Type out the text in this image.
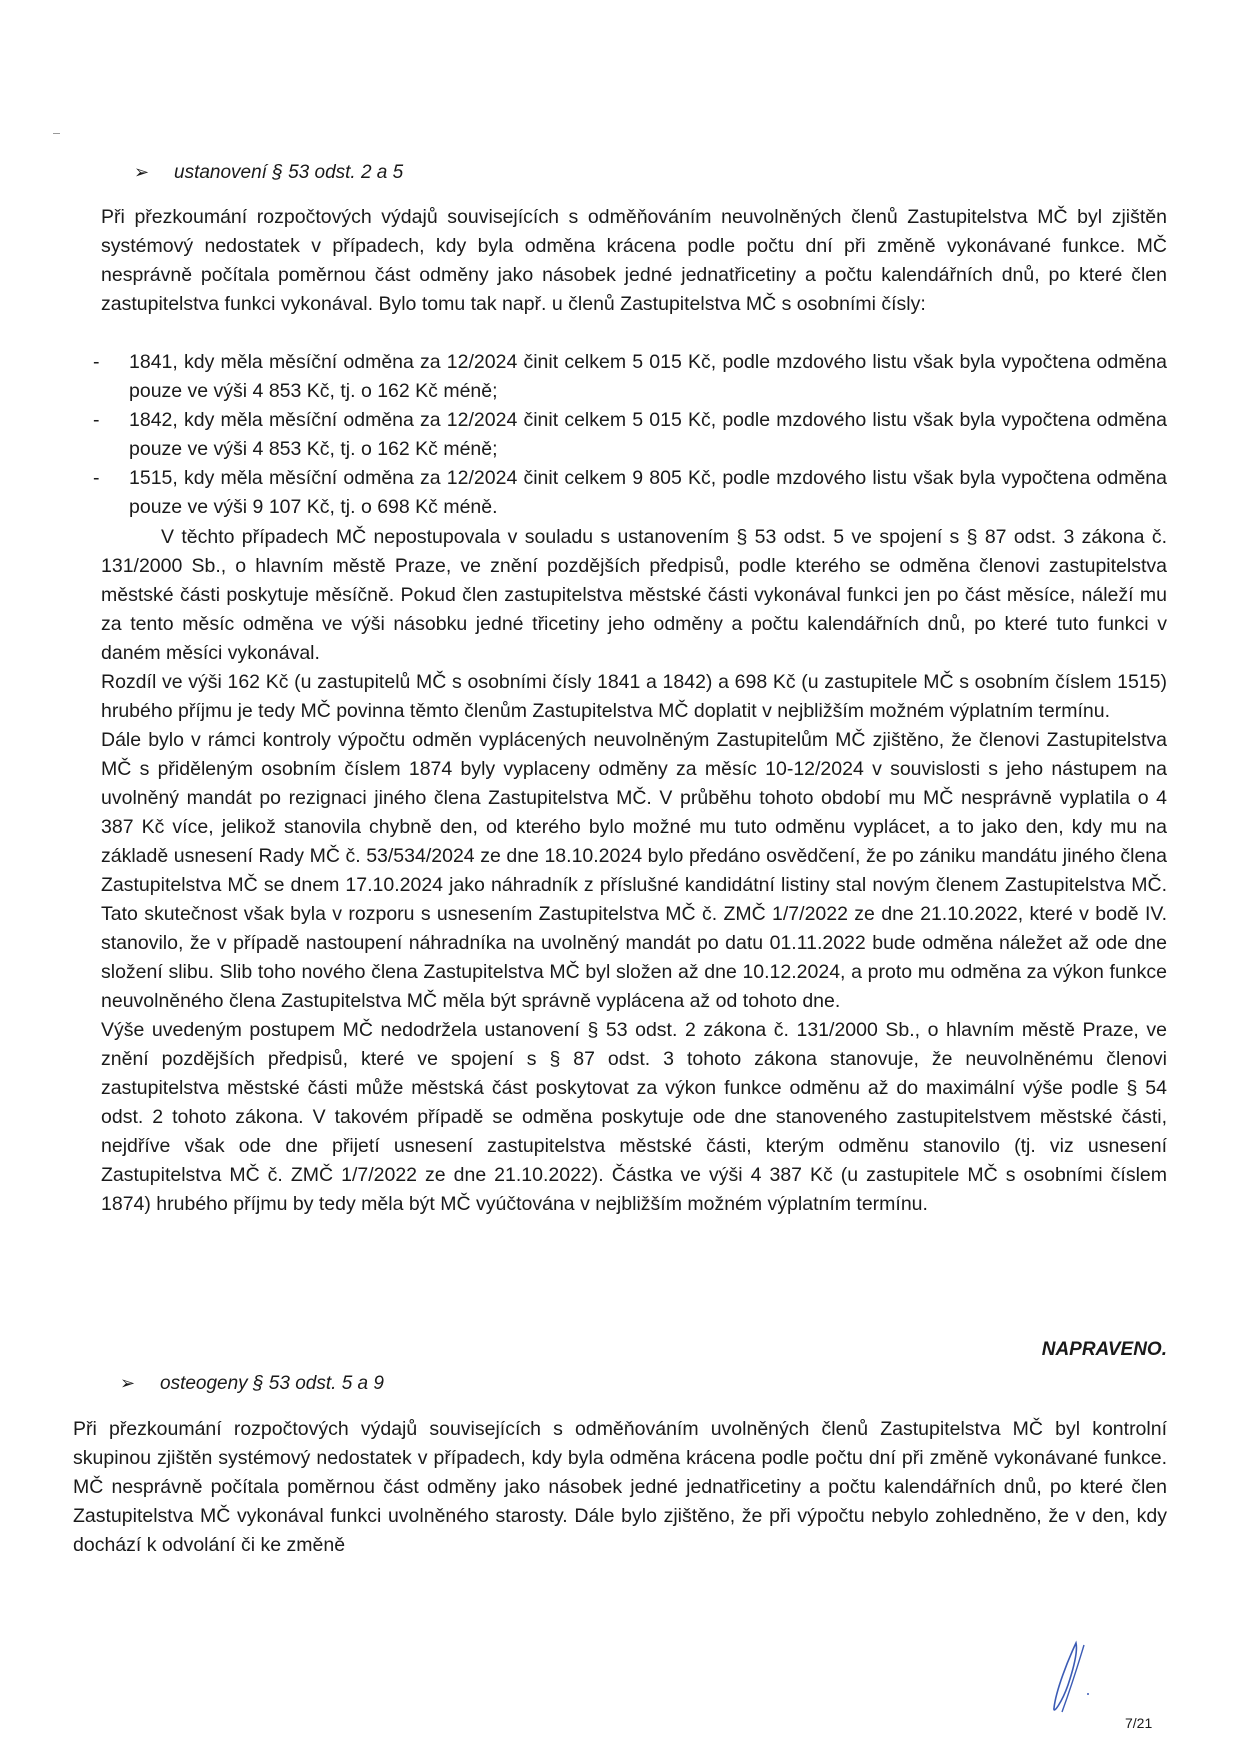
➢ ustanovení § 53 odst. 2 a 5

Při přezkoumání rozpočtových výdajů souvisejících s odměňováním neuvolněných členů Zastupitelstva MČ byl zjištěn systémový nedostatek v případech, kdy byla odměna krácena podle počtu dní při změně vykonávané funkce. MČ nesprávně počítala poměrnou část odměny jako násobek jedné jednatřicetiny a počtu kalendářních dnů, po které člen zastupitelstva funkci vykonával. Bylo tomu tak např. u členů Zastupitelstva MČ s osobními čísly:

- 1841, kdy měla měsíční odměna za 12/2024 činit celkem 5 015 Kč, podle mzdového listu však byla vypočtena odměna pouze ve výši 4 853 Kč, tj. o 162 Kč méně;
- 1842, kdy měla měsíční odměna za 12/2024 činit celkem 5 015 Kč, podle mzdového listu však byla vypočtena odměna pouze ve výši 4 853 Kč, tj. o 162 Kč méně;
- 1515, kdy měla měsíční odměna za 12/2024 činit celkem 9 805 Kč, podle mzdového listu však byla vypočtena odměna pouze ve výši 9 107 Kč, tj. o 698 Kč méně.

V těchto případech MČ nepostupovala v souladu s ustanovením § 53 odst. 5 ve spojení s § 87 odst. 3 zákona č. 131/2000 Sb., o hlavním městě Praze, ve znění pozdějších předpisů, podle kterého se odměna členovi zastupitelstva městské části poskytuje měsíčně. Pokud člen zastupitelstva městské části vykonával funkci jen po část měsíce, náleží mu za tento měsíc odměna ve výši násobku jedné třicetiny jeho odměny a počtu kalendářních dnů, po které tuto funkci v daném měsíci vykonával.

Rozdíl ve výši 162 Kč (u zastupitelů MČ s osobními čísly 1841 a 1842) a 698 Kč (u zastupitele MČ s osobním číslem 1515) hrubého příjmu je tedy MČ povinna těmto členům Zastupitelstva MČ doplatit v nejbližším možném výplatním termínu.

Dále bylo v rámci kontroly výpočtu odměn vyplácených neuvolněným Zastupitelům MČ zjištěno, že členovi Zastupitelstva MČ s přiděleným osobním číslem 1874 byly vyplaceny odměny za měsíc 10-12/2024 v souvislosti s jeho nástupem na uvolněný mandát po rezignaci jiného člena Zastupitelstva MČ. V průběhu tohoto období mu MČ nesprávně vyplatila o 4 387 Kč více, jelikož stanovila chybně den, od kterého bylo možné mu tuto odměnu vyplácet, a to jako den, kdy mu na základě usnesení Rady MČ č. 53/534/2024 ze dne 18.10.2024 bylo předáno osvědčení, že po zániku mandátu jiného člena Zastupitelstva MČ se dnem 17.10.2024 jako náhradník z příslušné kandidátní listiny stal novým členem Zastupitelstva MČ. Tato skutečnost však byla v rozporu s usnesením Zastupitelstva MČ č. ZMČ 1/7/2022 ze dne 21.10.2022, které v bodě IV. stanovilo, že v případě nastoupení náhradníka na uvolněný mandát po datu 01.11.2022 bude odměna náležet až ode dne složení slibu. Slib toho nového člena Zastupitelstva MČ byl složen až dne 10.12.2024, a proto mu odměna za výkon funkce neuvolněného člena Zastupitelstva MČ měla být správně vyplácena až od tohoto dne.

Výše uvedeným postupem MČ nedodržela ustanovení § 53 odst. 2 zákona č. 131/2000 Sb., o hlavním městě Praze, ve znění pozdějších předpisů, které ve spojení s § 87 odst. 3 tohoto zákona stanovuje, že neuvolněnému členovi zastupitelstva městské části může městská část poskytovat za výkon funkce odměnu až do maximální výše podle § 54 odst. 2 tohoto zákona. V takovém případě se odměna poskytuje ode dne stanoveného zastupitelstvem městské části, nejdříve však ode dne přijetí usnesení zastupitelstva městské části, kterým odměnu stanovilo (tj. viz usnesení Zastupitelstva MČ č. ZMČ 1/7/2022 ze dne 21.10.2022). Částka ve výši 4 387 Kč (u zastupitele MČ s osobními číslem 1874) hrubého příjmu by tedy měla být MČ vyúčtována v nejbližším možném výplatním termínu.

NAPRAVENO.
➢ osteogeny § 53 odst. 5 a 9

Při přezkoumání rozpočtových výdajů souvisejících s odměňováním uvolněných členů Zastupitelstva MČ byl kontrolní skupinou zjištěn systémový nedostatek v případech, kdy byla odměna krácena podle počtu dní při změně vykonávané funkce. MČ nesprávně počítala poměrnou část odměny jako násobek jedné jednatřicetiny a počtu kalendářních dnů, po které člen Zastupitelstva MČ vykonával funkci uvolněného starosty. Dále bylo zjištěno, že při výpočtu nebylo zohledněno, že v den, kdy dochází k odvolání či ke změně

7/21
